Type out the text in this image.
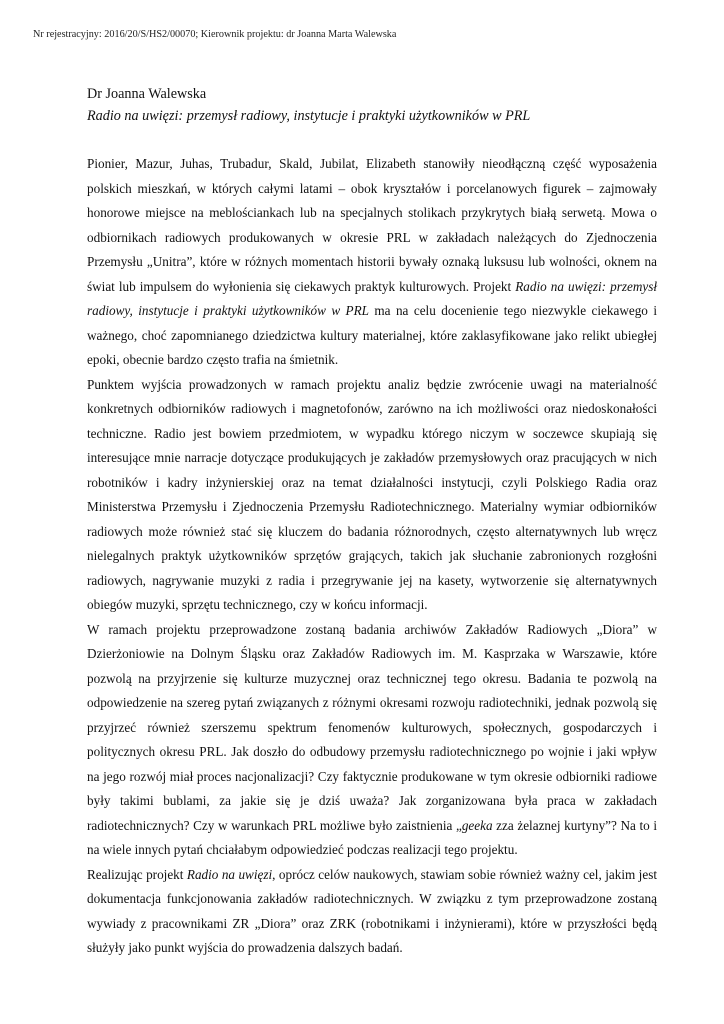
Nr rejestracyjny: 2016/20/S/HS2/00070; Kierownik projektu: dr Joanna Marta Walewska
Dr Joanna Walewska
Radio na uwięzi: przemysł radiowy, instytucje i praktyki użytkowników w PRL

Pionier, Mazur, Juhas, Trubadur, Skald, Jubilat, Elizabeth stanowiły nieodłączną część wyposażenia polskich mieszkań, w których całymi latami – obok kryształów i porcelanowych figurek – zajmowały honorowe miejsce na meblościankach lub na specjalnych stolikach przykrytych białą serwetą. Mowa o odbiornikach radiowych produkowanych w okresie PRL w zakładach należących do Zjednoczenia Przemysłu „Unitra”, które w różnych momentach historii bywały oznaką luksusu lub wolności, oknem na świat lub impulsem do wyłonienia się ciekawych praktyk kulturowych. Projekt Radio na uwięzi: przemysł radiowy, instytucje i praktyki użytkowników w PRL ma na celu docenienie tego niezwykle ciekawego i ważnego, choć zapomnianego dziedzictwa kultury materialnej, które zaklasyfikowane jako relikt ubiegłej epoki, obecnie bardzo często trafia na śmietnik.

Punktem wyjścia prowadzonych w ramach projektu analiz będzie zwrócenie uwagi na materialność konkretnych odbiorników radiowych i magnetofonów, zarówno na ich możliwości oraz niedoskonałości techniczne. Radio jest bowiem przedmiotem, w wypadku którego niczym w soczewce skupiają się interesujące mnie narracje dotyczące produkujących je zakładów przemysłowych oraz pracujących w nich robotników i kadry inżynierskiej oraz na temat działalności instytucji, czyli Polskiego Radia oraz Ministerstwa Przemysłu i Zjednoczenia Przemysłu Radiotechnicznego. Materialny wymiar odbiorników radiowych może również stać się kluczem do badania różnorodnych, często alternatywnych lub wręcz nielegalnych praktyk użytkowników sprzętów grających, takich jak słuchanie zabronionych rozgłośni radiowych, nagrywanie muzyki z radia i przegrywanie jej na kasety, wytworzenie się alternatywnych obiegów muzyki, sprzętu technicznego, czy w końcu informacji.

W ramach projektu przeprowadzone zostaną badania archiwów Zakładów Radiowych „Diora” w Dzierżoniowie na Dolnym Śląsku oraz Zakładów Radiowych im. M. Kasprzaka w Warszawie, które pozwolą na przyjrzenie się kulturze muzycznej oraz technicznej tego okresu. Badania te pozwolą na odpowiedzenie na szereg pytań związanych z różnymi okresami rozwoju radiotechniki, jednak pozwolą się przyjrzeć również szerszemu spektrum fenomenów kulturowych, społecznych, gospodarczych i politycznych okresu PRL. Jak doszło do odbudowy przemysłu radiotechnicznego po wojnie i jaki wpływ na jego rozwój miał proces nacjonalizacji? Czy faktycznie produkowane w tym okresie odbiorniki radiowe były takimi bublami, za jakie się je dziś uważa? Jak zorganizowana była praca w zakładach radiotechnicznych? Czy w warunkach PRL możliwe było zaistnienia „geeka zza żelaznej kurtyny”? Na to i na wiele innych pytań chciałabym odpowiedzieć podczas realizacji tego projektu.

Realizując projekt Radio na uwięzi, oprócz celów naukowych, stawiam sobie również ważny cel, jakim jest dokumentacja funkcjonowania zakładów radiotechnicznych. W związku z tym przeprowadzone zostaną wywiady z pracownikami ZR „Diora” oraz ZRK (robotnikami i inżynierami), które w przyszłości będą służyły jako punkt wyjścia do prowadzenia dalszych badań.
